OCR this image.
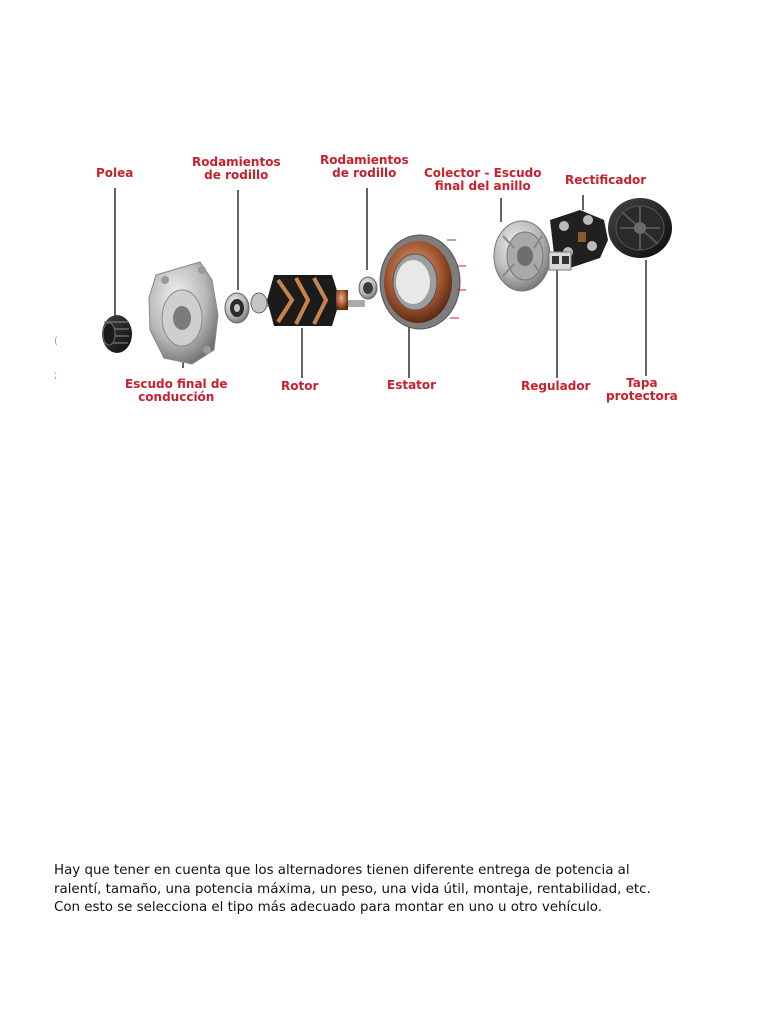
(
;
Polea
Rodamientos
de rodillo
Rodamientos
de rodillo	Colector - Escudo
final del anillo	Rectificador
Escudo final de
conducción
Rotor	Estator	Regulador	Tapa
protectora
Hay que tener en cuenta que los alternadores tienen diferente entrega de potencia al
ralentí, tamaño, una potencia máxima, un peso, una vida útil, montaje, rentabilidad, etc.
Con esto se selecciona el tipo más adecuado para montar en uno u otro vehículo.
